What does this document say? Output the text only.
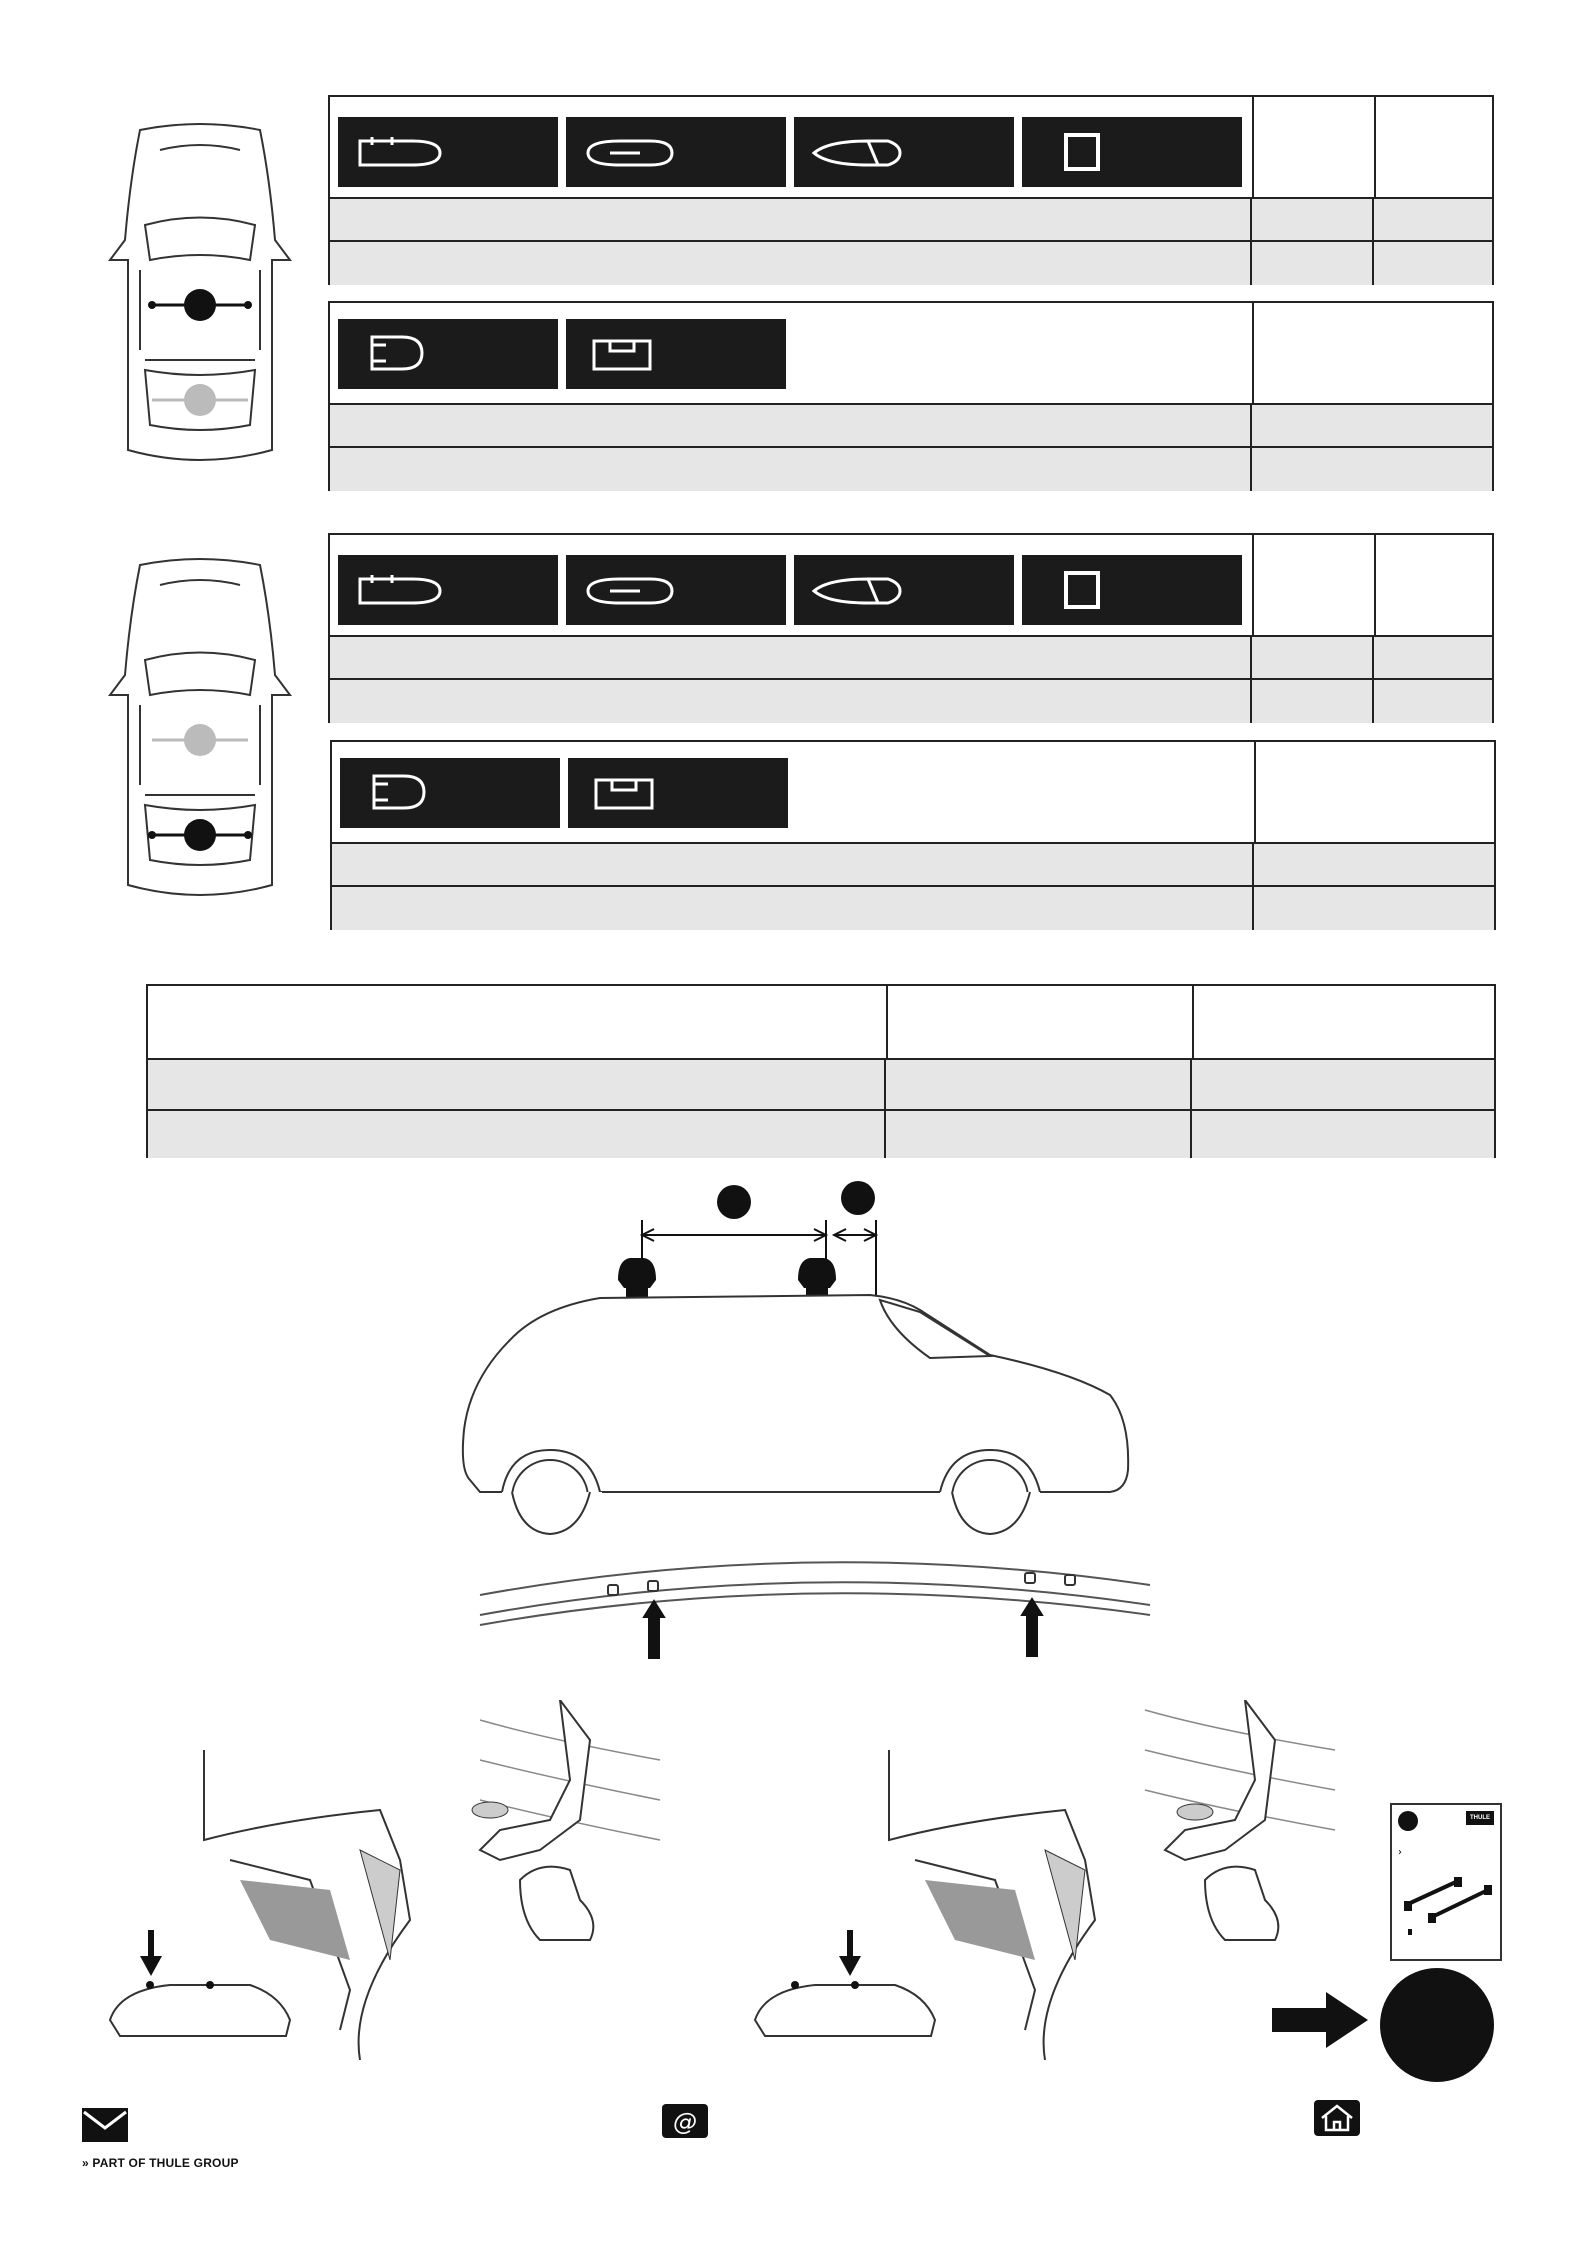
THULE
›
» PART OF THULE GROUP
@
